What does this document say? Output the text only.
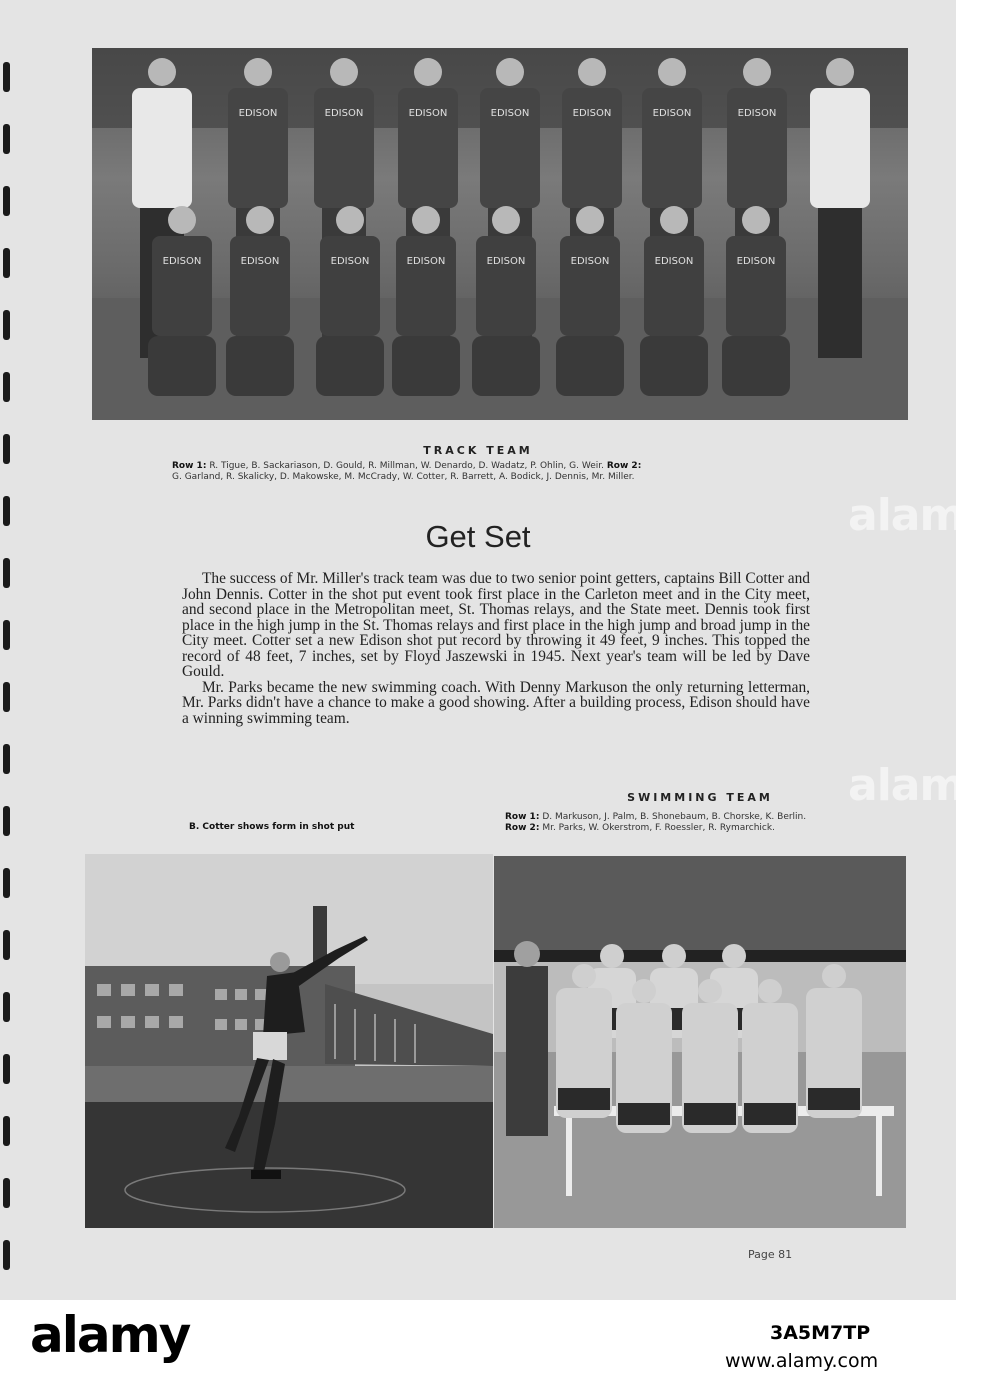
EDISON	EDISON	EDISON	EDISON	EDISON	EDISON	EDISON
EDISON	EDISON	EDISON	EDISON	EDISON	EDISON	EDISON	EDISON
TRACK TEAM
Row 1: R. Tigue, B. Sackariason, D. Gould, R. Millman, W. Denardo, D. Wadatz, P. Ohlin, G. Weir. Row 2:
G. Garland, R. Skalicky, D. Makowske, M. McCrady, W. Cotter, R. Barrett, A. Bodick, J. Dennis, Mr. Miller.
Get Set

The success of Mr. Miller's track team was due to two senior point getters, captains Bill Cotter and John Dennis. Cotter in the shot put event took first place in the Carleton meet and in the City meet, and second place in the Metropolitan meet, St. Thomas relays, and the State meet. Dennis took first place in the high jump in the St. Thomas relays and first place in the high jump and broad jump in the City meet. Cotter set a new Edison shot put record by throwing it 49 feet, 9 inches. This topped the record of 48 feet, 7 inches, set by Floyd Jaszewski in 1945. Next year's team will be led by Dave Gould.

Mr. Parks became the new swimming coach. With Denny Markuson the only returning letterman, Mr. Parks didn't have a chance to make a good showing. After a building process, Edison should have a winning swimming team.

SWIMMING TEAM
Row 1: D. Markuson, J. Palm, B. Shonebaum, B. Chorske, K. Berlin.
Row 2: Mr. Parks, W. Okerstrom, F. Roessler, R. Rymarchick.
B. Cotter shows form in shot put
Page 81
alamy
alamy
alamy	3A5M7TP
www.alamy.com
